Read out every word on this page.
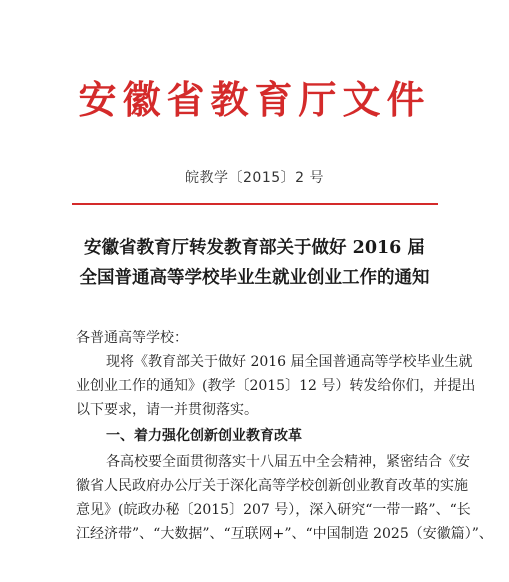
安徽省教育厅文件
皖教学〔2015〕2 号
安徽省教育厅转发教育部关于做好 2016 届
全国普通高等学校毕业生就业创业工作的通知
各普通高等学校：
现将《教育部关于做好 2016 届全国普通高等学校毕业生就
业创业工作的通知》(教学〔2015〕12 号）转发给你们，并提出
以下要求，请一并贯彻落实。
一、着力强化创新创业教育改革
各高校要全面贯彻落实十八届五中全会精神，紧密结合《安
徽省人民政府办公厅关于深化高等学校创新创业教育改革的实施
意见》(皖政办秘〔2015〕207 号），深入研究“一带一路”、“长
江经济带”、“大数据”、“互联网+”、“中国制造 2025（安徽篇）”、
